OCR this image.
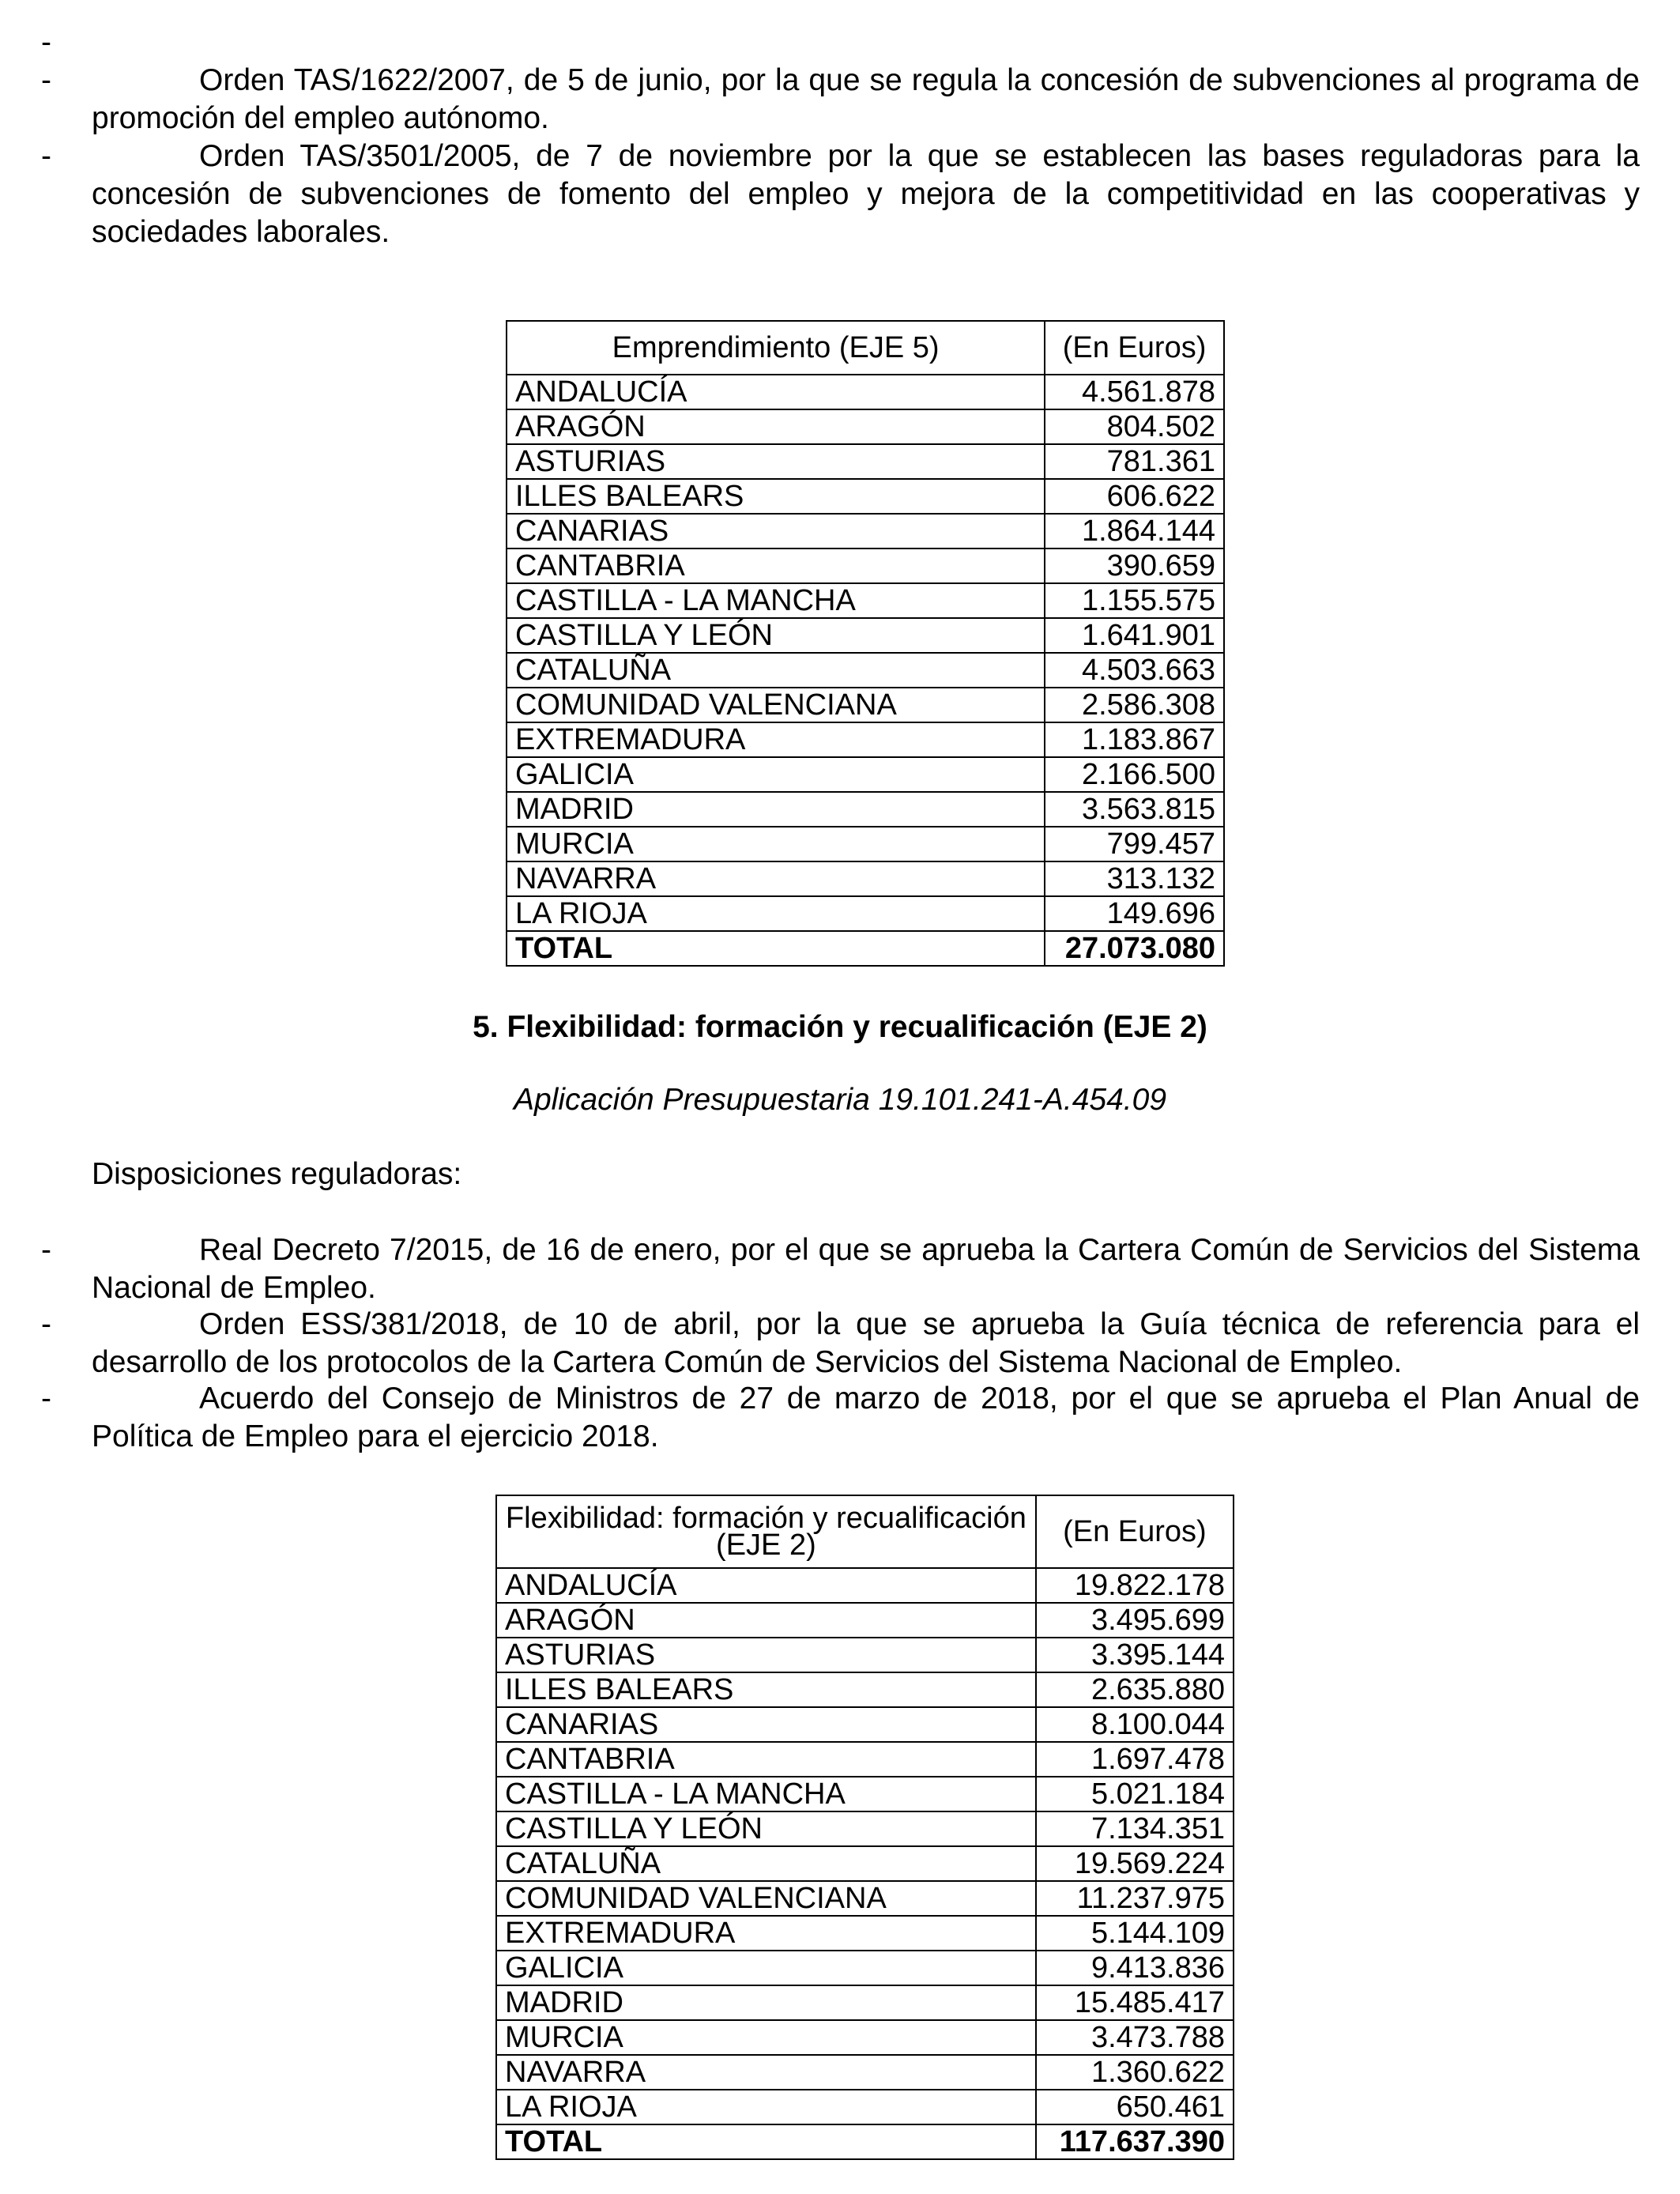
-

-	Orden TAS/1622/2007, de 5 de junio, por la que se regula la concesión de subvenciones al programa de promoción del empleo autónomo.
-	Orden TAS/3501/2005, de 7 de noviembre por la que se establecen las bases reguladoras para la concesión de subvenciones de fomento del empleo y mejora de la competitividad en las cooperativas y sociedades laborales.
Emprendimiento (EJE 5)	(En Euros)
ANDALUCÍA	4.561.878
ARAGÓN	804.502
ASTURIAS	781.361
ILLES BALEARS	606.622
CANARIAS	1.864.144
CANTABRIA	390.659
CASTILLA - LA MANCHA	1.155.575
CASTILLA Y LEÓN	1.641.901
CATALUÑA	4.503.663
COMUNIDAD VALENCIANA	2.586.308
EXTREMADURA	1.183.867
GALICIA	2.166.500
MADRID	3.563.815
MURCIA	799.457
NAVARRA	313.132
LA RIOJA	149.696
TOTAL	27.073.080
5. Flexibilidad: formación y recualificación (EJE 2)
Aplicación Presupuestaria 19.101.241-A.454.09
Disposiciones reguladoras:
-	Real Decreto 7/2015, de 16 de enero, por el que se aprueba la Cartera Común de Servicios del Sistema Nacional de Empleo.
-	Orden ESS/381/2018, de 10 de abril, por la que se aprueba la Guía técnica de referencia para el desarrollo de los protocolos de la Cartera Común de Servicios del Sistema Nacional de Empleo.
-	Acuerdo del Consejo de Ministros de 27 de marzo de 2018, por el que se aprueba el Plan Anual de Política de Empleo para el ejercicio 2018.
Flexibilidad: formación y recualificación
(EJE 2)	(En Euros)
ANDALUCÍA	19.822.178
ARAGÓN	3.495.699
ASTURIAS	3.395.144
ILLES BALEARS	2.635.880
CANARIAS	8.100.044
CANTABRIA	1.697.478
CASTILLA - LA MANCHA	5.021.184
CASTILLA Y LEÓN	7.134.351
CATALUÑA	19.569.224
COMUNIDAD VALENCIANA	11.237.975
EXTREMADURA	5.144.109
GALICIA	9.413.836
MADRID	15.485.417
MURCIA	3.473.788
NAVARRA	1.360.622
LA RIOJA	650.461
TOTAL	117.637.390
